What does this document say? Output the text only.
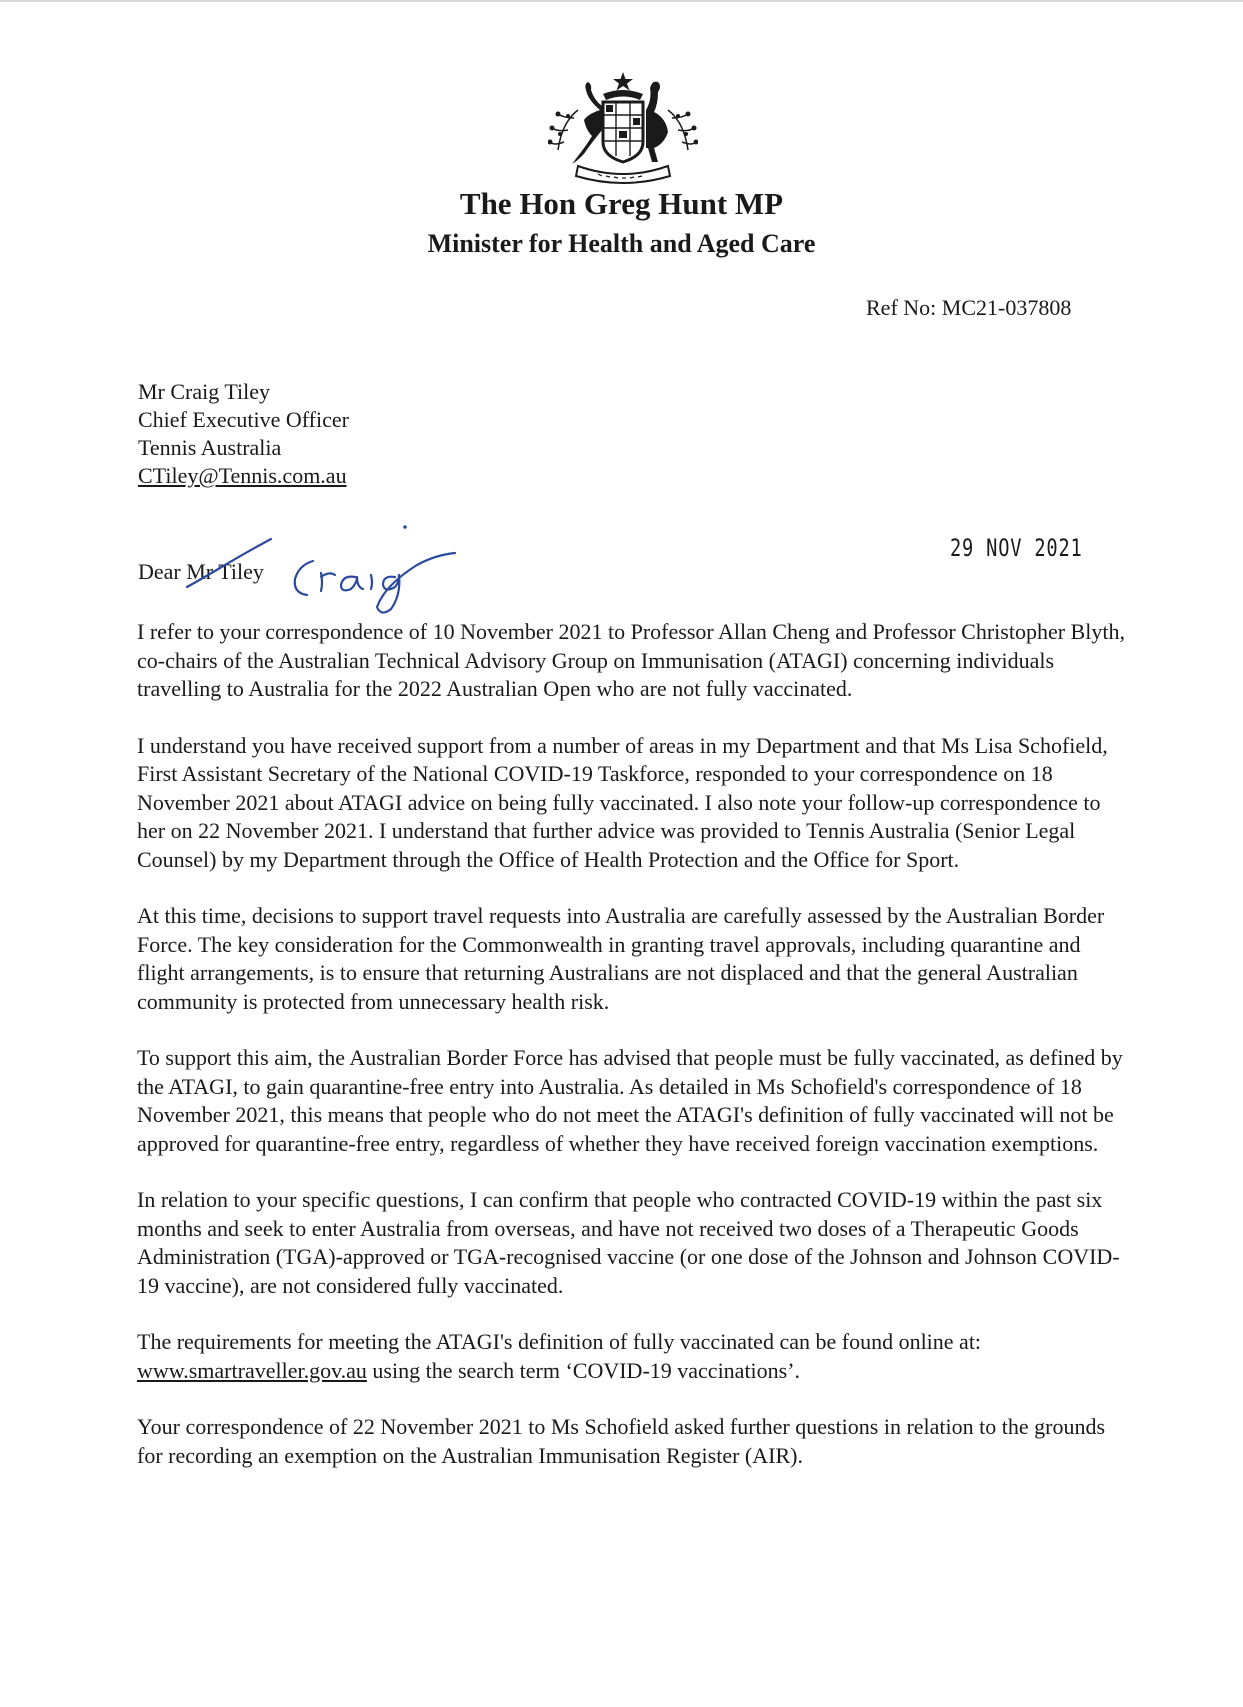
The Hon Greg Hunt MP
Minister for Health and Aged Care
Ref No: MC21-037808
Mr Craig Tiley
Chief Executive Officer
Tennis Australia
CTiley@Tennis.com.au
29 NOV 2021
Dear Mr Tiley

I refer to your correspondence of 10 November 2021 to Professor Allan Cheng and Professor Christopher Blyth, co-chairs of the Australian Technical Advisory Group on Immunisation (ATAGI) concerning individuals travelling to Australia for the 2022 Australian Open who are not fully vaccinated.

I understand you have received support from a number of areas in my Department and that Ms Lisa Schofield, First Assistant Secretary of the National COVID-19 Taskforce, responded to your correspondence on 18 November 2021 about ATAGI advice on being fully vaccinated. I also note your follow-up correspondence to her on 22 November 2021. I understand that further advice was provided to Tennis Australia (Senior Legal Counsel) by my Department through the Office of Health Protection and the Office for Sport.

At this time, decisions to support travel requests into Australia are carefully assessed by the Australian Border Force. The key consideration for the Commonwealth in granting travel approvals, including quarantine and flight arrangements, is to ensure that returning Australians are not displaced and that the general Australian community is protected from unnecessary health risk.

To support this aim, the Australian Border Force has advised that people must be fully vaccinated, as defined by the ATAGI, to gain quarantine-free entry into Australia. As detailed in Ms Schofield's correspondence of 18 November 2021, this means that people who do not meet the ATAGI's definition of fully vaccinated will not be approved for quarantine-free entry, regardless of whether they have received foreign vaccination exemptions.

In relation to your specific questions, I can confirm that people who contracted COVID-19 within the past six months and seek to enter Australia from overseas, and have not received two doses of a Therapeutic Goods Administration (TGA)-approved or TGA-recognised vaccine (or one dose of the Johnson and Johnson COVID-19 vaccine), are not considered fully vaccinated.

The requirements for meeting the ATAGI's definition of fully vaccinated can be found online at: www.smartraveller.gov.au using the search term ‘COVID-19 vaccinations’.

Your correspondence of 22 November 2021 to Ms Schofield asked further questions in relation to the grounds for recording an exemption on the Australian Immunisation Register (AIR).
